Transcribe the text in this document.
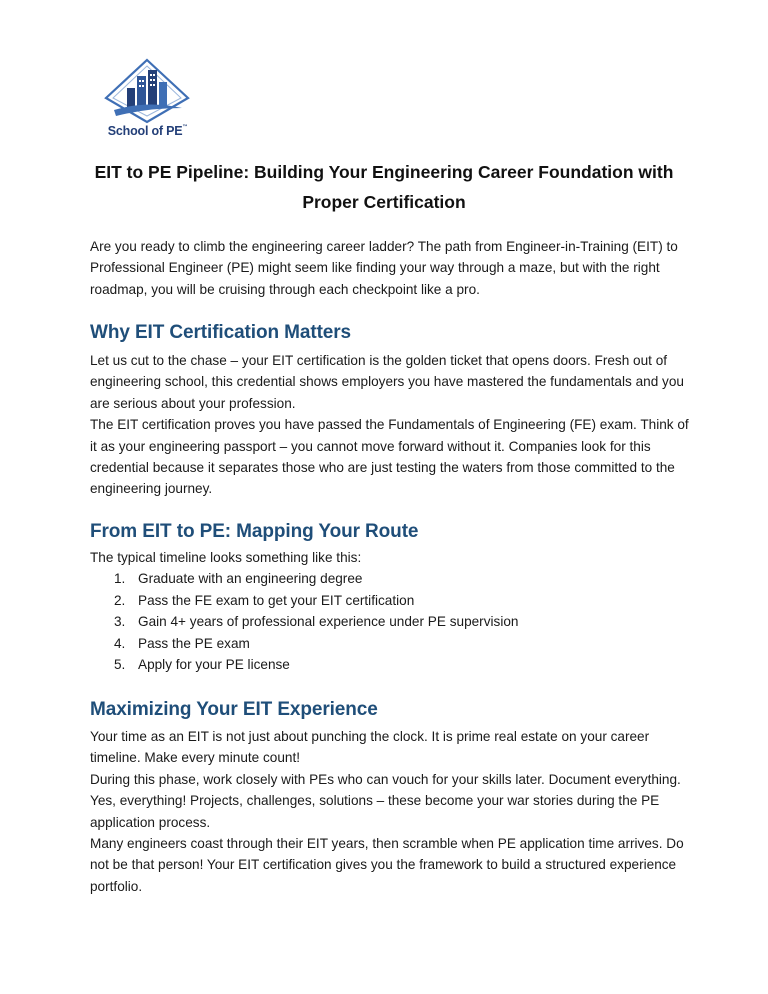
School of PE™
EIT to PE Pipeline: Building Your Engineering Career Foundation with Proper Certification

Are you ready to climb the engineering career ladder? The path from Engineer-in-Training (EIT) to Professional Engineer (PE) might seem like finding your way through a maze, but with the right roadmap, you will be cruising through each checkpoint like a pro.

Why EIT Certification Matters

Let us cut to the chase – your EIT certification is the golden ticket that opens doors. Fresh out of engineering school, this credential shows employers you have mastered the fundamentals and you are serious about your profession.

The EIT certification proves you have passed the Fundamentals of Engineering (FE) exam. Think of it as your engineering passport – you cannot move forward without it. Companies look for this credential because it separates those who are just testing the waters from those committed to the engineering journey.

From EIT to PE: Mapping Your Route

The typical timeline looks something like this:

1. Graduate with an engineering degree
2. Pass the FE exam to get your EIT certification
3. Gain 4+ years of professional experience under PE supervision
4. Pass the PE exam
5. Apply for your PE license
Maximizing Your EIT Experience

Your time as an EIT is not just about punching the clock. It is prime real estate on your career timeline. Make every minute count!

During this phase, work closely with PEs who can vouch for your skills later. Document everything. Yes, everything! Projects, challenges, solutions – these become your war stories during the PE application process.

Many engineers coast through their EIT years, then scramble when PE application time arrives. Do not be that person! Your EIT certification gives you the framework to build a structured experience portfolio.
